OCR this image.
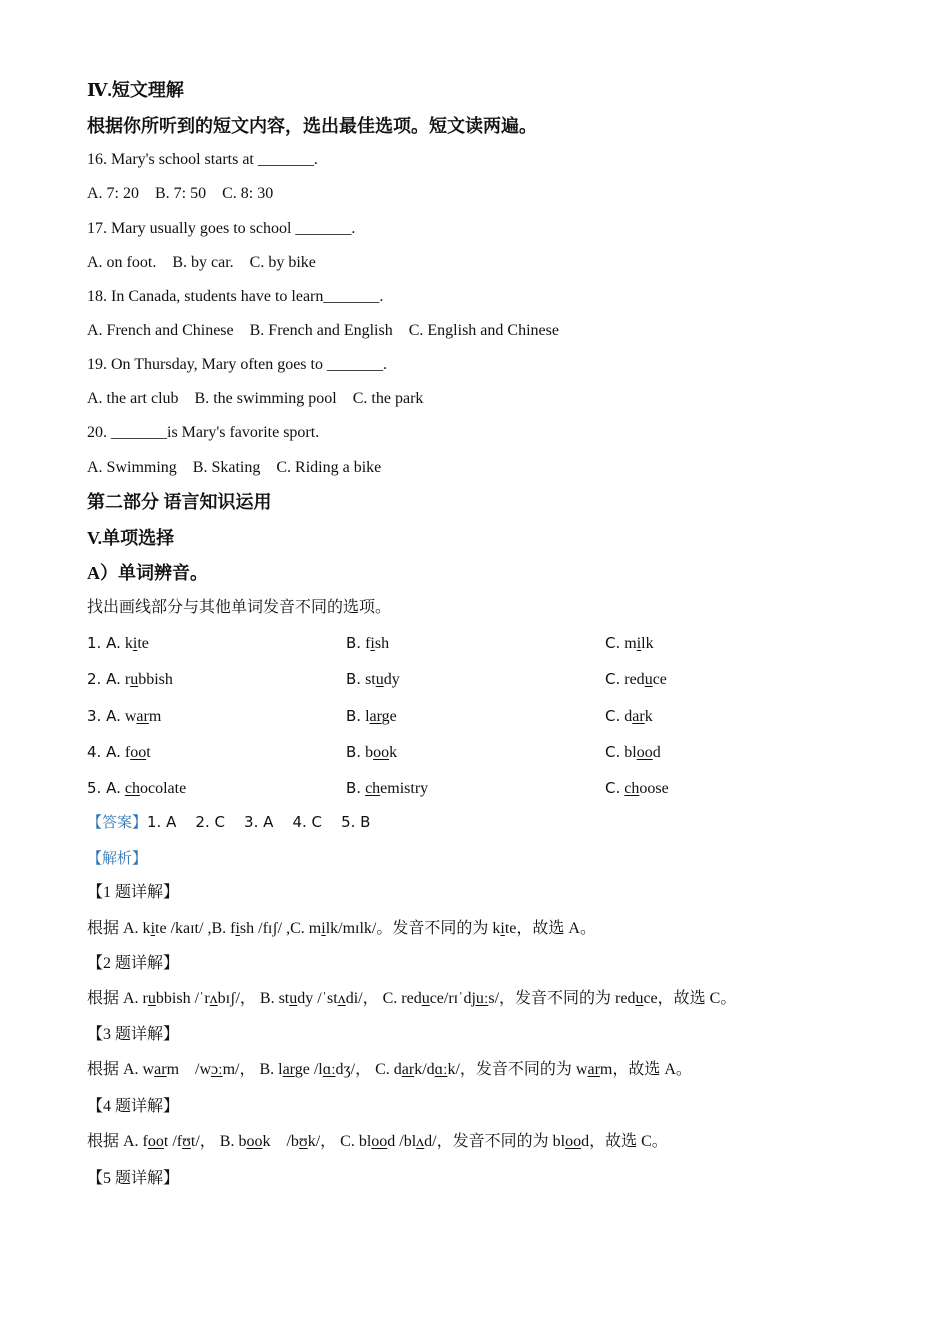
Ⅳ.短文理解
根据你所听到的短文内容，选出最佳选项。短文读两遍。
16. Mary's school starts at _______.
A. 7: 20    B. 7: 50    C. 8: 30
17. Mary usually goes to school _______.
A. on foot.    B. by car.    C. by bike
18. In Canada, students have to learn_______.
A. French and Chinese    B. French and English    C. English and Chinese
19. On Thursday, Mary often goes to _______.
A. the art club    B. the swimming pool    C. the park
20. _______is Mary's favorite sport.
A. Swimming    B. Skating    C. Riding a bike
第二部分 语言知识运用
V.单项选择
A）单词辨音。
找出画线部分与其他单词发音不同的选项。
1. A. kite	B. fish	C. milk
2. A. rubbish	B. study	C. reduce
3. A. warm	B. large	C. dark
4. A. foot	B. book	C. blood
5. A. chocolate	B. chemistry	C. choose
【答案】1. A    2. C    3. A    4. C    5. B
【解析】
【1 题详解】
根据 A. kite /kaɪt/ ,B. fish /fɪʃ/ ,C. milk/mɪlk/。发音不同的为 kite，故选 A。
【2 题详解】
根据 A. rubbish /ˈrʌbɪʃ/， B. study /ˈstʌdi/， C. reduce/rɪˈdjuːs/，发音不同的为 reduce，故选 C。
【3 题详解】
根据 A. warm    /wɔːm/， B. large /lɑːdʒ/， C. dark/dɑːk/，发音不同的为 warm，故选 A。
【4 题详解】
根据 A. foot /fʊt/， B. book    /bʊk/， C. blood /blʌd/，发音不同的为 blood，故选 C。
【5 题详解】
